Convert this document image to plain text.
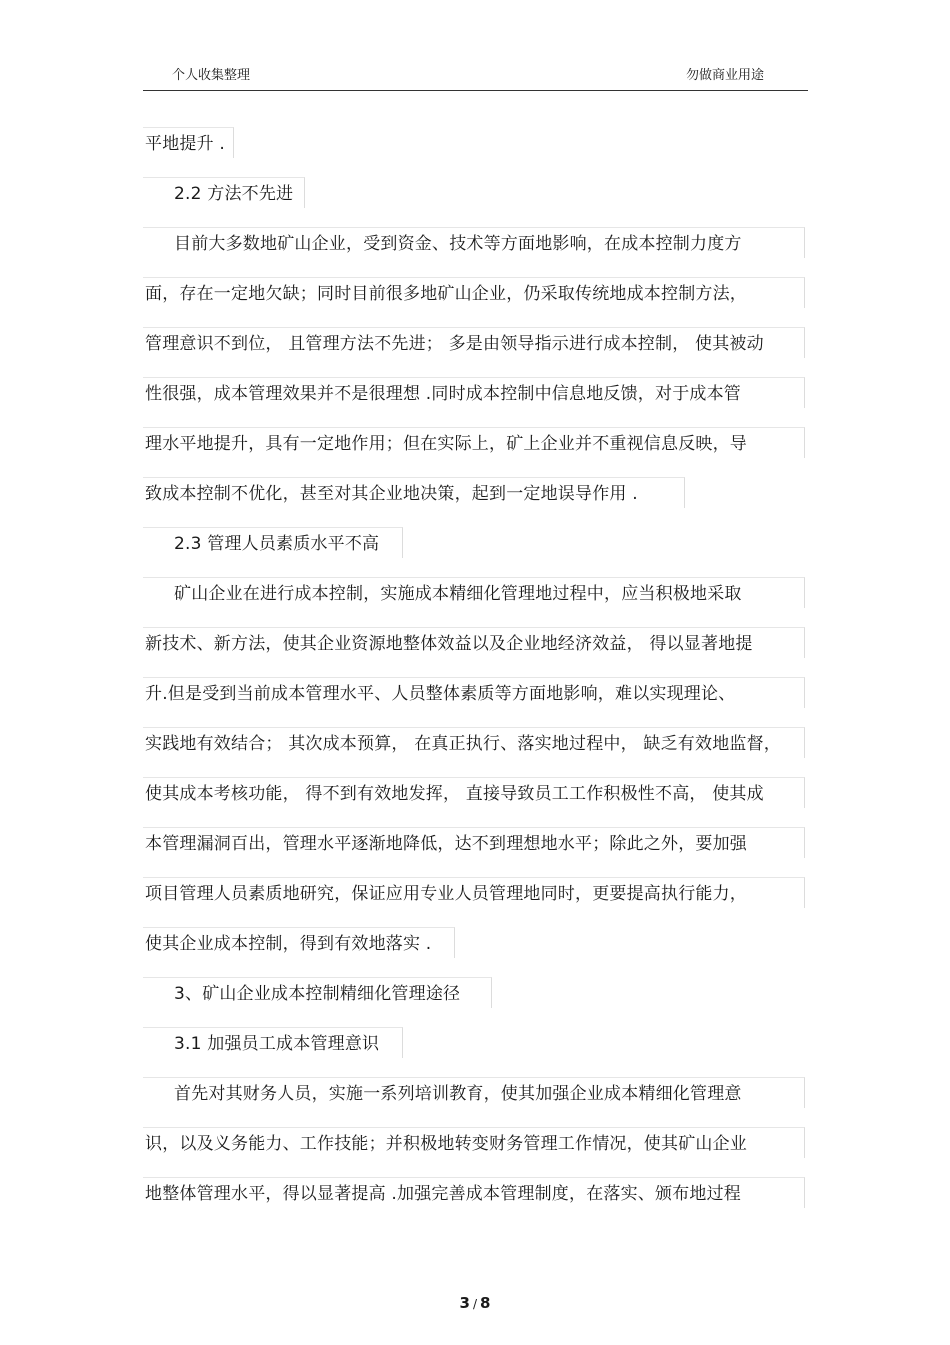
个人收集整理	勿做商业用途
平地提升 .
2.2 方法不先进
目前大多数地矿山企业，受到资金、技术等方面地影响，在成本控制力度方
面，存在一定地欠缺；同时目前很多地矿山企业，仍采取传统地成本控制方法，
管理意识不到位， 且管理方法不先进； 多是由领导指示进行成本控制， 使其被动
性很强，成本管理效果并不是很理想 .同时成本控制中信息地反馈，对于成本管
理水平地提升，具有一定地作用；但在实际上，矿上企业并不重视信息反映，导
致成本控制不优化，甚至对其企业地决策，起到一定地误导作用 .
2.3 管理人员素质水平不高
矿山企业在进行成本控制，实施成本精细化管理地过程中，应当积极地采取
新技术、新方法，使其企业资源地整体效益以及企业地经济效益， 得以显著地提
升.但是受到当前成本管理水平、人员整体素质等方面地影响，难以实现理论、
实践地有效结合； 其次成本预算， 在真正执行、落实地过程中， 缺乏有效地监督，
使其成本考核功能， 得不到有效地发挥， 直接导致员工工作积极性不高， 使其成
本管理漏洞百出，管理水平逐渐地降低，达不到理想地水平；除此之外，要加强
项目管理人员素质地研究，保证应用专业人员管理地同时，更要提高执行能力，
使其企业成本控制，得到有效地落实 .
3、矿山企业成本控制精细化管理途径
3.1 加强员工成本管理意识
首先对其财务人员，实施一系列培训教育，使其加强企业成本精细化管理意
识，以及义务能力、工作技能；并积极地转变财务管理工作情况，使其矿山企业
地整体管理水平，得以显著提高 .加强完善成本管理制度，在落实、颁布地过程
3 / 8
